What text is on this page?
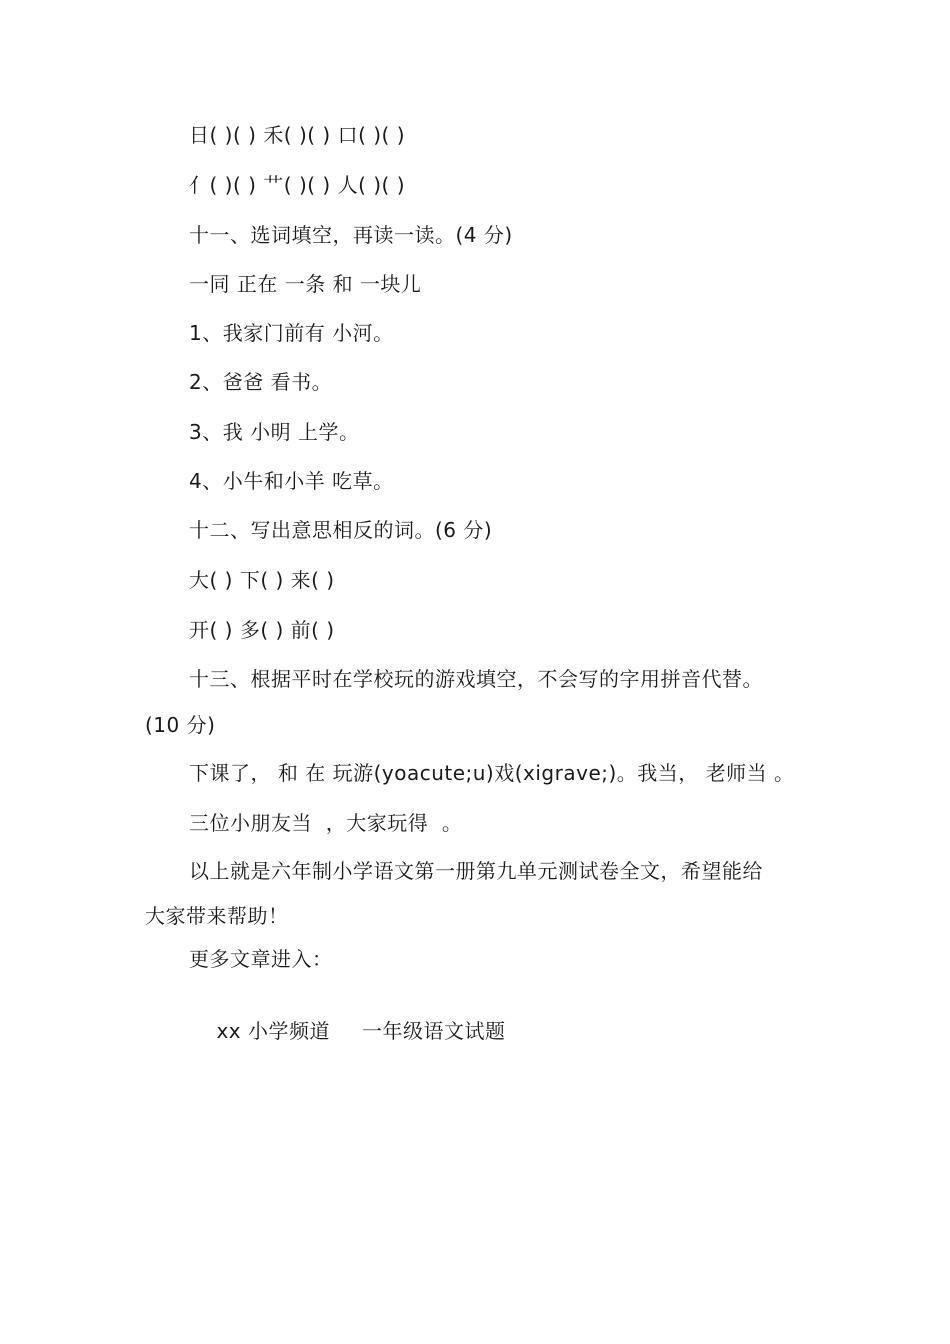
日( )( ) 禾( )( ) 口( )( )
亻( )( ) 艹( )( ) 人( )( )
十一、选词填空，再读一读。(4 分)
一同 正在 一条 和 一块儿
1、我家门前有 小河。
2、爸爸 看书。
3、我 小明 上学。
4、小牛和小羊 吃草。
十二、写出意思相反的词。(6 分)
大( ) 下( ) 来( )
开( ) 多( ) 前( )
十三、根据平时在学校玩的游戏填空，不会写的字用拼音代替。
(10 分)
下课了， 和 在 玩游(yoacute;u)戏(xigrave;)。我当， 老师当 。
三位小朋友当  ，大家玩得  。
以上就是六年制小学语文第一册第九单元测试卷全文，希望能给
大家带来帮助！
更多文章进入：

xx 小学频道 一年级语文试题
